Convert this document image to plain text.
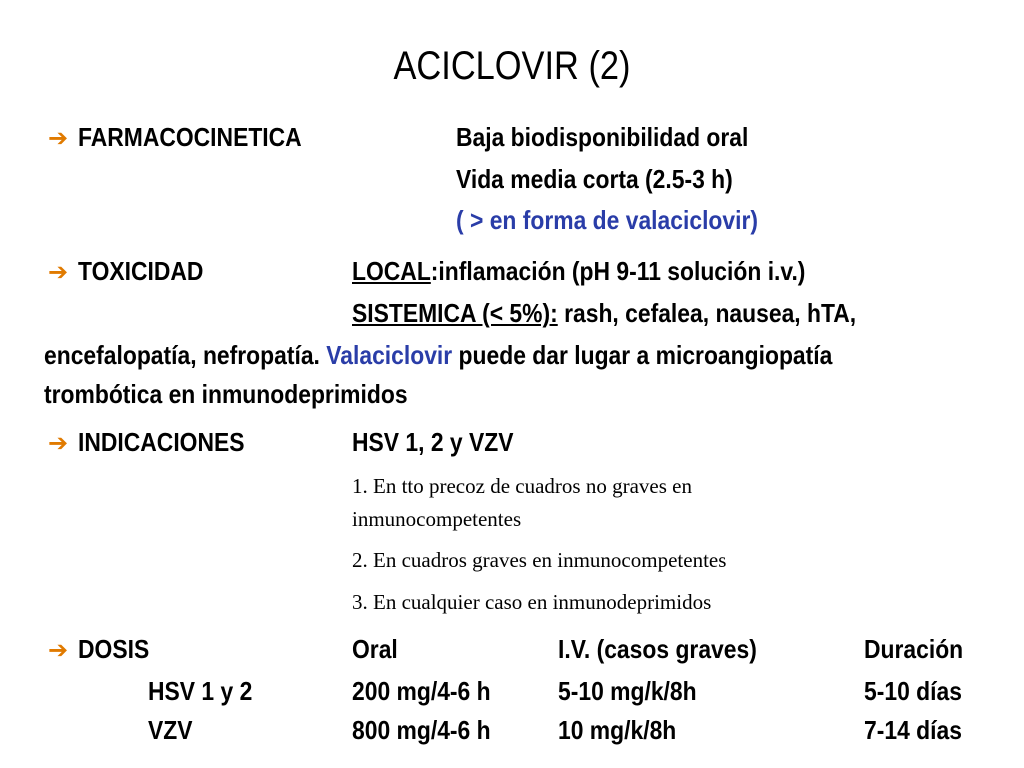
ACICLOVIR (2)
➔ FARMACOCINETICA	Baja biodisponibilidad oral
Vida media corta (2.5-3 h)
( > en forma de valaciclovir)
➔ TOXICIDAD	LOCAL:inflamación (pH 9-11 solución i.v.)
SISTEMICA (< 5%): rash, cefalea, nausea, hTA,
encefalopatía, nefropatía. Valaciclovir puede dar lugar a microangiopatía
trombótica en inmunodeprimidos
➔ INDICACIONES	HSV 1, 2 y VZV
1. En tto precoz de cuadros no graves en
inmunocompetentes
2. En cuadros graves en inmunocompetentes
3. En cualquier caso en inmunodeprimidos
➔ DOSIS	Oral	I.V. (casos graves)	Duración
HSV 1 y 2	200 mg/4-6 h	5-10 mg/k/8h	5-10 días
VZV	800 mg/4-6 h	10 mg/k/8h	7-14 días
